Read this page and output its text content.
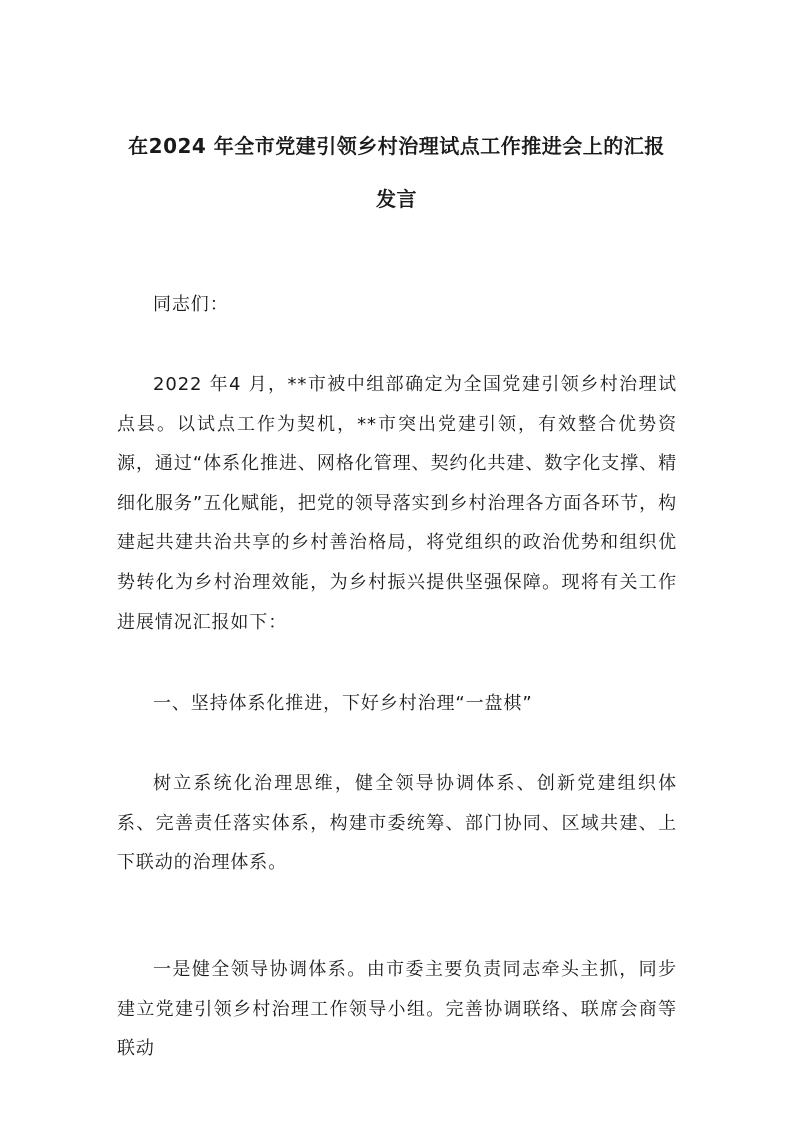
在2024 年全市党建引领乡村治理试点工作推进会上的汇报
发言

同志们：

2022 年4 月，**市被中组部确定为全国党建引领乡村治理试点县。以试点工作为契机，**市突出党建引领，有效整合优势资源，通过“体系化推进、网格化管理、契约化共建、数字化支撑、精细化服务”五化赋能，把党的领导落实到乡村治理各方面各环节，构建起共建共治共享的乡村善治格局，将党组织的政治优势和组织优势转化为乡村治理效能，为乡村振兴提供坚强保障。现将有关工作进展情况汇报如下：

一、坚持体系化推进，下好乡村治理“一盘棋”

树立系统化治理思维，健全领导协调体系、创新党建组织体系、完善责任落实体系，构建市委统筹、部门协同、区域共建、上下联动的治理体系。

一是健全领导协调体系。由市委主要负责同志牵头主抓，同步建立党建引领乡村治理工作领导小组。完善协调联络、联席会商等联动
